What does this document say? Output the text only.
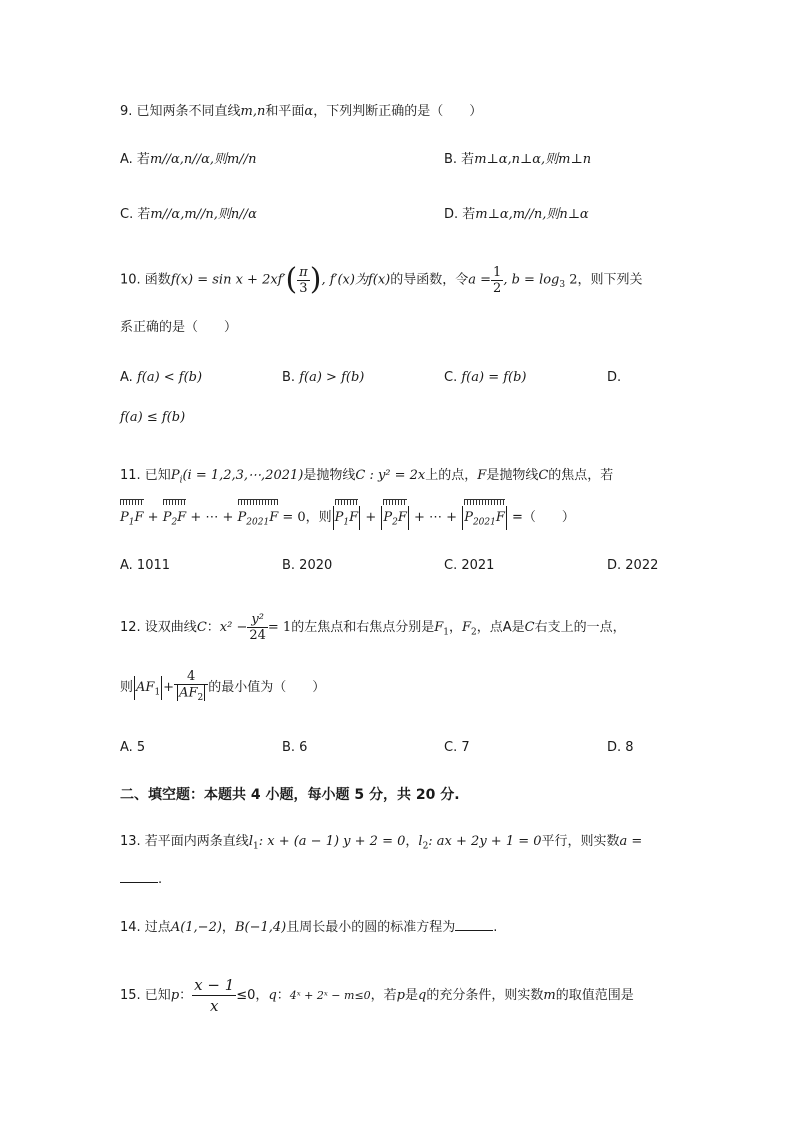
9. 已知两条不同直线m,n和平面α，下列判断正确的是（　　）
A. 若m//α,n//α,则m//n	B. 若m⊥α,n⊥α,则m⊥n
C. 若m//α,m//n,则n//α	D. 若m⊥α,m//n,则n⊥α
10. 函数$f(x) = \sin x + 2xf'( \frac{\pi}{3}$ ), f′(x)为f(x)的导函数，令$a = \frac{1}{2}$ , $b = \log_3 2$，则下列关
系正确的是（　　）
A. f(a) < f(b)	B. f(a) > f(b)	C. f(a) = f(b)	D.
f(a) ≤ f(b)
11. 已知$P_i(i$ = 1,2,3,⋯,2021)是抛物线C : y² = 2x上的点，F是抛物线C的焦点，若
$P_1F + P_2F$ + ⋯ + $P_{2021}F = 0$，则 $P_1F + P_2F$ + ⋯ + $P_{2021}F$ =（　　）
A. 1011	B. 2020	C. 2021	D. 2022
12. 设双曲线C：$x^2 - \frac{\text{y²}}{24} = 1$的左焦点和右焦点分别是$F_1$，$F_2$，点A是C右支上的一点，
则 $AF_1 + \frac{4}{AF_2}$ 的最小值为（　　）
A. 5	B. 6	C. 7	D. 8
二、填空题：本题共 4 小题，每小题 5 分，共 20 分.
13. 若平面内两条直线$l_1$: x + (a − 1) y + 2 = 0，$l_2$: ax + 2y + 1 = 0平行，则实数a =
.
14. 过点A(1,−2)，B(−1,4)且周长最小的圆的标准方程为	.
15. 已知p： $\frac{x - 1}{x} \le 0$，q：4ˣ + 2ˣ − m≤0，若p是q的充分条件，则实数m的取值范围是
